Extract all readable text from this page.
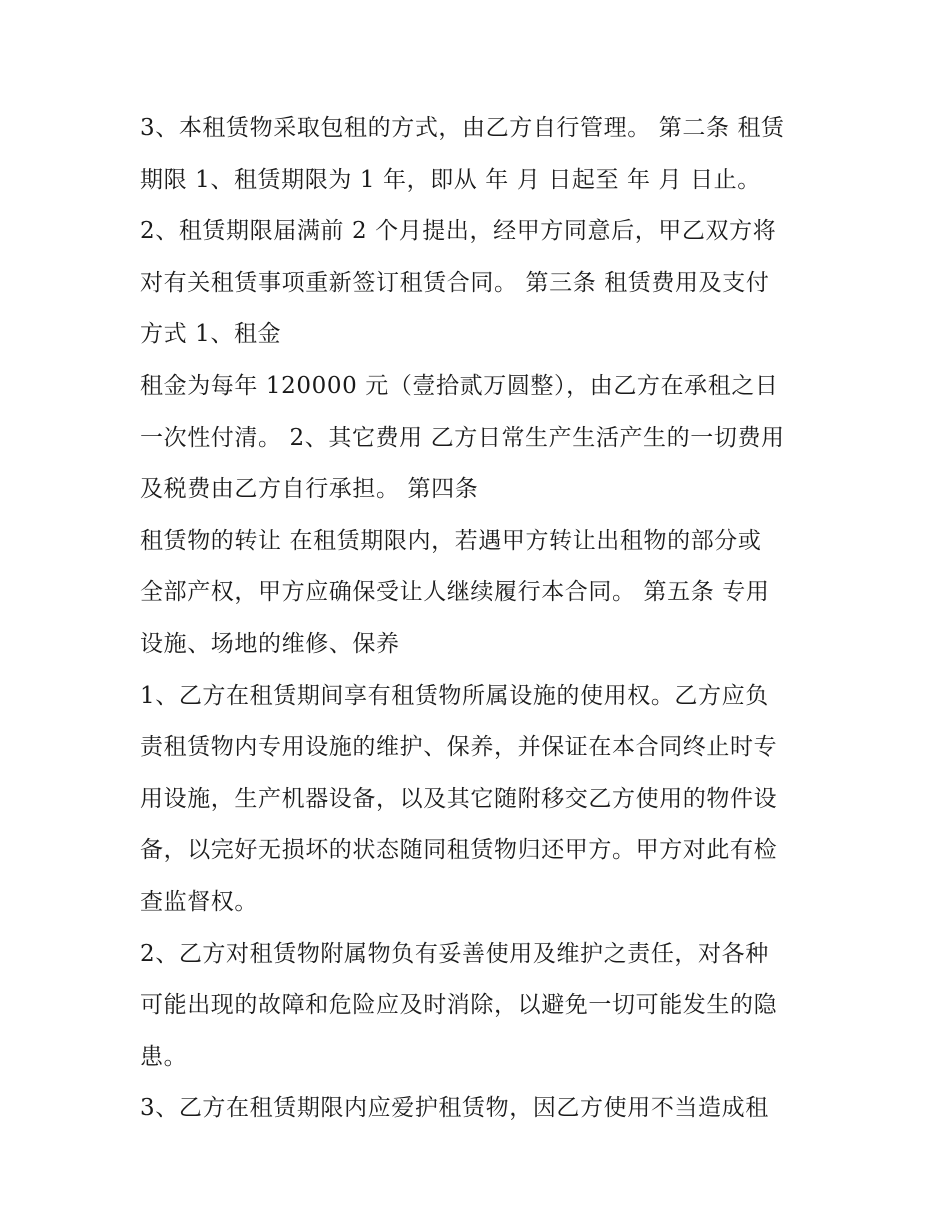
3、本租赁物采取包租的方式，由乙方自行管理。 第二条 租赁
期限 1、租赁期限为 1 年，即从 年 月 日起至 年 月 日止。
2、租赁期限届满前 2 个月提出，经甲方同意后，甲乙双方将
对有关租赁事项重新签订租赁合同。 第三条 租赁费用及支付
方式 1、租金
租金为每年 120000 元（壹拾贰万圆整），由乙方在承租之日
一次性付清。 2、其它费用 乙方日常生产生活产生的一切费用
及税费由乙方自行承担。 第四条
租赁物的转让 在租赁期限内，若遇甲方转让出租物的部分或
全部产权，甲方应确保受让人继续履行本合同。 第五条 专用
设施、场地的维修、保养
1、乙方在租赁期间享有租赁物所属设施的使用权。乙方应负
责租赁物内专用设施的维护、保养，并保证在本合同终止时专
用设施，生产机器设备，以及其它随附移交乙方使用的物件设
备，以完好无损坏的状态随同租赁物归还甲方。甲方对此有检
查监督权。
2、乙方对租赁物附属物负有妥善使用及维护之责任，对各种
可能出现的故障和危险应及时消除，以避免一切可能发生的隐
患。
3、乙方在租赁期限内应爱护租赁物，因乙方使用不当造成租
